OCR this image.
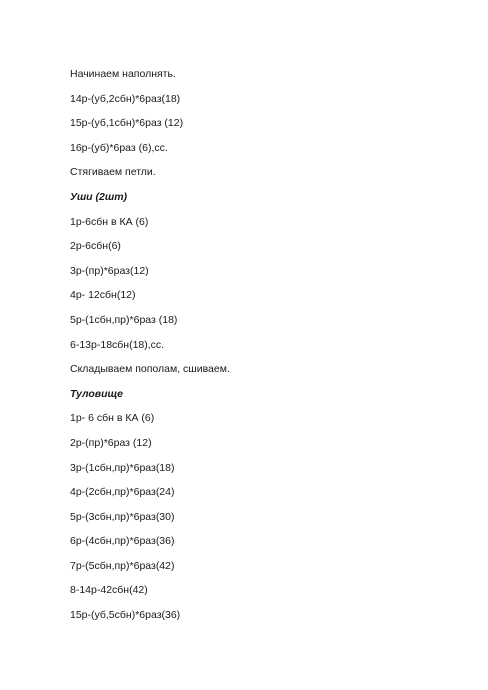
Начинаем наполнять.
14р-(уб,2сбн)*6раз(18)
15р-(уб,1сбн)*6раз (12)
16р-(уб)*6раз (6),сс.
Стягиваем петли.
Уши (2шт)
1р-6сбн в КА (6)
2р-6сбн(6)
3р-(пр)*6раз(12)
4р- 12сбн(12)
5р-(1сбн,пр)*6раз (18)
6-13р-18сбн(18),сс.
Складываем пополам, сшиваем.
Туловище
1р- 6 сбн в КА (6)
2р-(пр)*6раз (12)
3р-(1сбн,пр)*6раз(18)
4р-(2сбн,пр)*6раз(24)
5р-(3сбн,пр)*6раз(30)
6р-(4сбн,пр)*6раз(36)
7р-(5сбн,пр)*6раз(42)
8-14р-42сбн(42)
15р-(уб,5сбн)*6раз(36)
